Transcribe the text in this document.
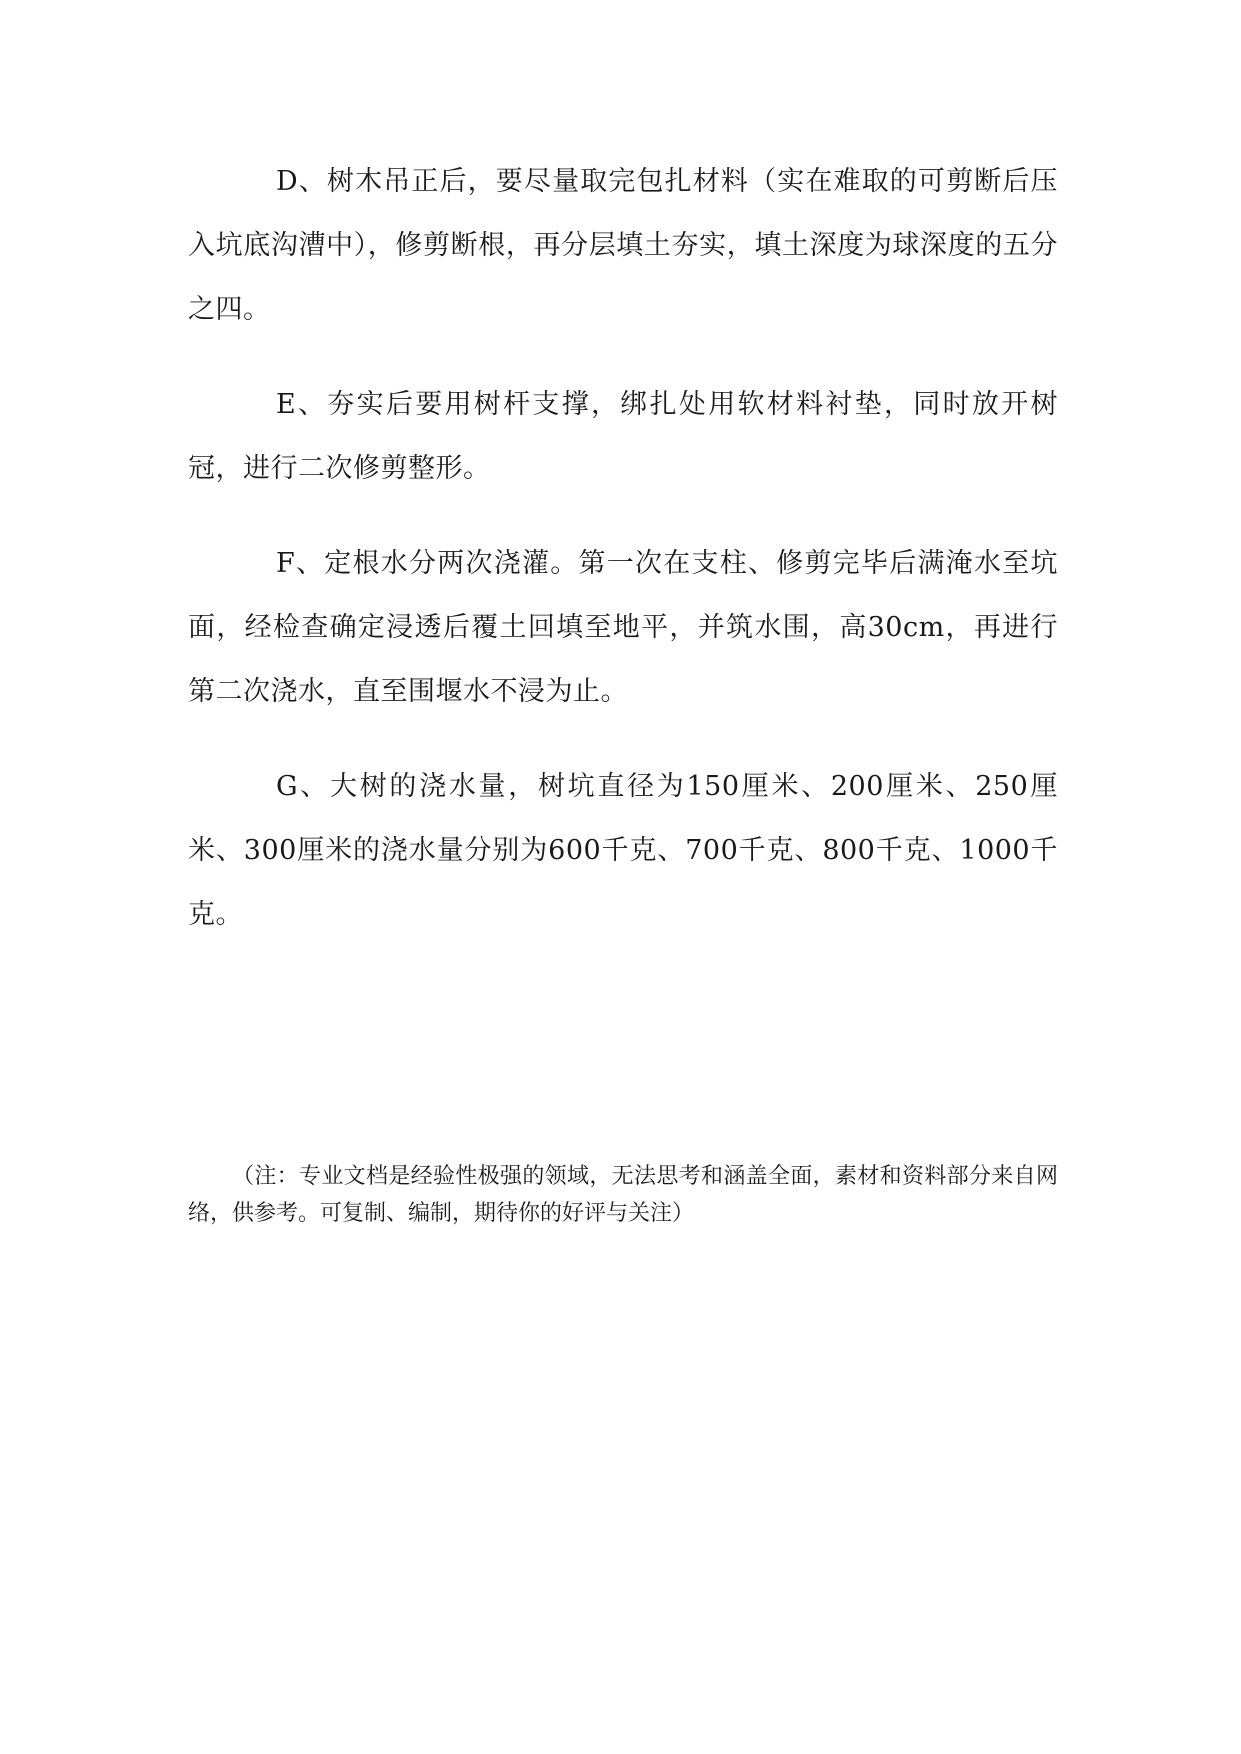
D、树木吊正后，要尽量取完包扎材料（实在难取的可剪断后压入坑底沟漕中），修剪断根，再分层填土夯实，填土深度为球深度的五分之四。

E、夯实后要用树杆支撑，绑扎处用软材料衬垫，同时放开树冠，进行二次修剪整形。

F、定根水分两次浇灌。第一次在支柱、修剪完毕后满淹水至坑面，经检查确定浸透后覆土回填至地平，并筑水围，高30cm，再进行第二次浇水，直至围堰水不浸为止。

G、大树的浇水量，树坑直径为150厘米、200厘米、250厘米、300厘米的浇水量分别为600千克、700千克、800千克、1000千克。

（注：专业文档是经验性极强的领域，无法思考和涵盖全面，素材和资料部分来自网络，供参考。可复制、编制，期待你的好评与关注）
